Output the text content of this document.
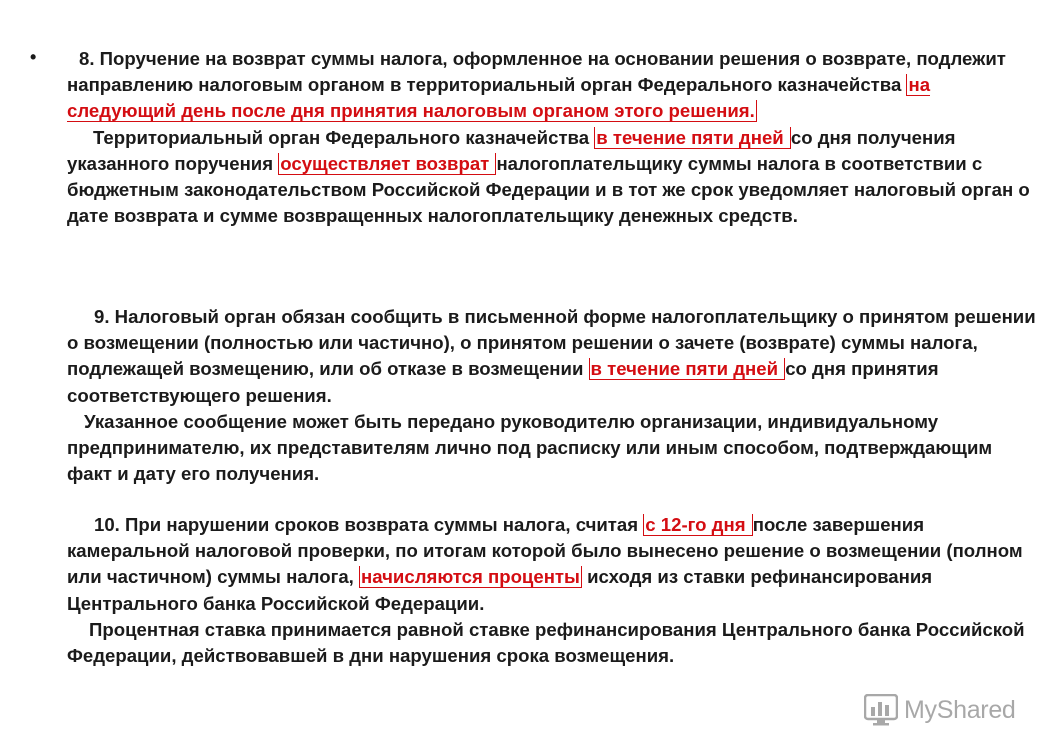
•	8. Поручение на возврат суммы налога, оформленное на основании решения о возврате, подлежит направлению налоговым органом в территориальный орган Федерального казначейства на следующий день после дня принятия налоговым органом этого решения.

Территориальный орган Федерального казначейства в течение пяти дней со дня получения указанного поручения осуществляет возврат налогоплательщику суммы налога в соответствии с бюджетным законодательством Российской Федерации и в тот же срок уведомляет налоговый орган о дате возврата и сумме возвращенных налогоплательщику денежных средств.

9. Налоговый орган обязан сообщить в письменной форме налогоплательщику о принятом решении о возмещении (полностью или частично), о принятом решении о зачете (возврате) суммы налога, подлежащей возмещению, или об отказе в возмещении в течение пяти дней со дня принятия соответствующего решения.

Указанное сообщение может быть передано руководителю организации, индивидуальному предпринимателю, их представителям лично под расписку или иным способом, подтверждающим факт и дату его получения.

10. При нарушении сроков возврата суммы налога, считая с 12-го дня после завершения камеральной налоговой проверки, по итогам которой было вынесено решение о возмещении (полном или частичном) суммы налога, начисляются проценты исходя из ставки рефинансирования Центрального банка Российской Федерации.

Процентная ставка принимается равной ставке рефинансирования Центрального банка Российской Федерации, действовавшей в дни нарушения срока возмещения.

MyShared
